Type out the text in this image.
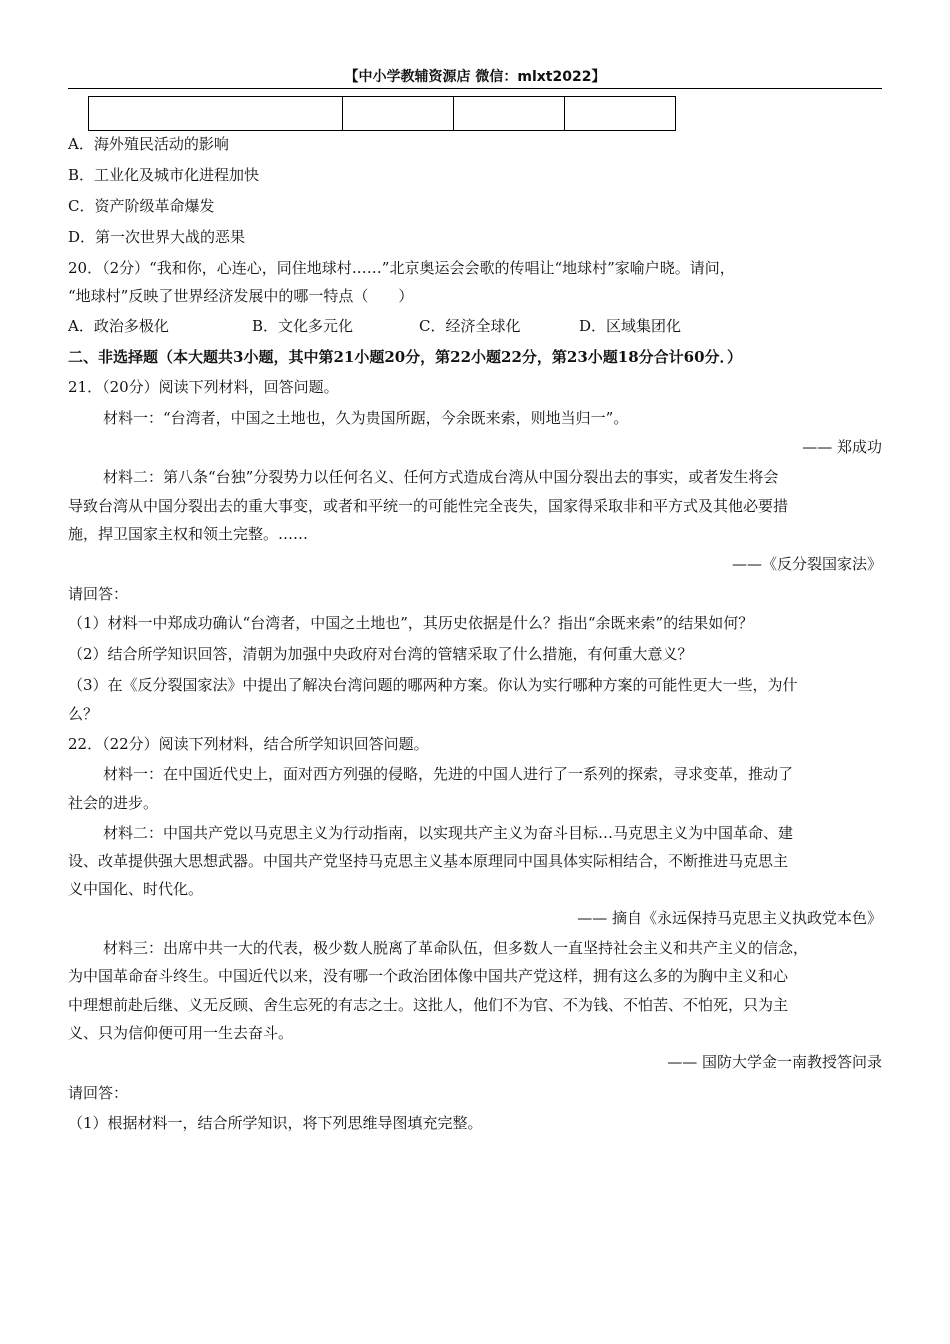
【中小学教辅资源店 微信：mlxt2022】

A．海外殖民活动的影响
B．工业化及城市化进程加快
C．资产阶级革命爆发
D．第一次世界大战的恶果
20．（2分）“我和你，心连心，同住地球村……”北京奥运会会歌的传唱让“地球村”家喻户晓。请问，
“地球村”反映了世界经济发展中的哪一特点（　　）
A．政治多极化	B．文化多元化	C．经济全球化	D．区域集团化
二、非选择题（本大题共3小题，其中第21小题20分，第22小题22分，第23小题18分合计60分．）
21．（20分）阅读下列材料，回答问题。
材料一：“台湾者，中国之土地也，久为贵国所踞，今余既来索，则地当归一”。
—— 郑成功
材料二：第八条“台独”分裂势力以任何名义、任何方式造成台湾从中国分裂出去的事实，或者发生将会
导致台湾从中国分裂出去的重大事变，或者和平统一的可能性完全丧失，国家得采取非和平方式及其他必要措
施，捍卫国家主权和领土完整。……
——《反分裂国家法》
请回答：
（1）材料一中郑成功确认“台湾者，中国之土地也”，其历史依据是什么？指出“余既来索”的结果如何？
（2）结合所学知识回答，清朝为加强中央政府对台湾的管辖采取了什么措施，有何重大意义？
（3）在《反分裂国家法》中提出了解决台湾问题的哪两种方案。你认为实行哪种方案的可能性更大一些，为什
么？
22．（22分）阅读下列材料，结合所学知识回答问题。
材料一：在中国近代史上，面对西方列强的侵略，先进的中国人进行了一系列的探索，寻求变革，推动了
社会的进步。
材料二：中国共产党以马克思主义为行动指南，以实现共产主义为奋斗目标…马克思主义为中国革命、建
设、改革提供强大思想武器。中国共产党坚持马克思主义基本原理同中国具体实际相结合，不断推进马克思主
义中国化、时代化。
—— 摘自《永远保持马克思主义执政党本色》
材料三：出席中共一大的代表，极少数人脱离了革命队伍，但多数人一直坚持社会主义和共产主义的信念，
为中国革命奋斗终生。中国近代以来，没有哪一个政治团体像中国共产党这样，拥有这么多的为胸中主义和心
中理想前赴后继、义无反顾、舍生忘死的有志之士。这批人，他们不为官、不为钱、不怕苦、不怕死，只为主
义、只为信仰便可用一生去奋斗。
—— 国防大学金一南教授答问录
请回答：
（1）根据材料一，结合所学知识，将下列思维导图填充完整。
